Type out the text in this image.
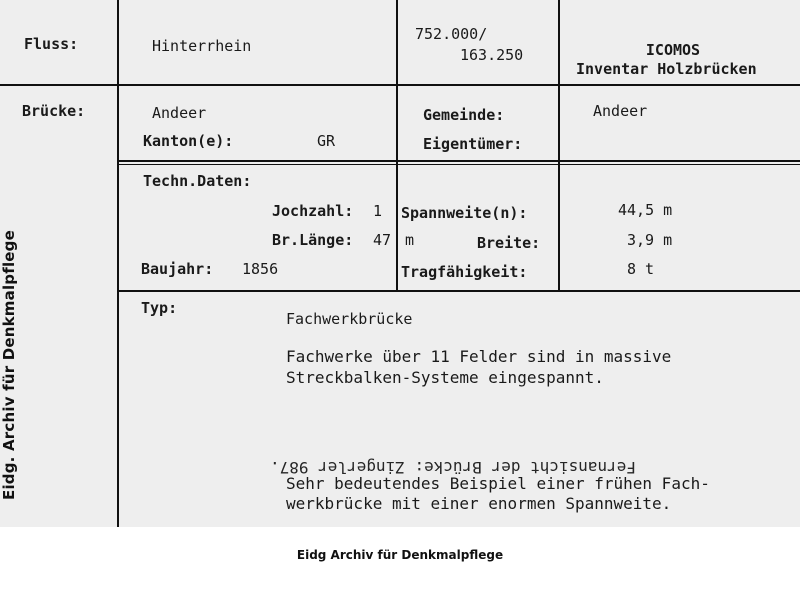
Fluss:	Hinterrhein
752.000/
163.250	ICOMOS
Inventar Holzbrücken
Brücke:	Andeer
Kanton(e):	GR
Gemeinde:	Andeer
Eigentümer:
Techn.Daten:
Jochzahl: 1
Br.Länge: 47 m
Baujahr: 1856
Spannweite(n):	44,5 m
Breite:	3,9 m
Tragfähigkeit:	8 t
Typ:
Fachwerkbrücke
Fachwerke über 11 Felder sind in massive
Streckbalken-Systeme eingespannt.
Fernansicht der Brücke: Zingerler 987.
Sehr bedeutendes Beispiel einer frühen Fach-
werkbrücke mit einer enormen Spannweite.
Eidg. Archiv für Denkmalpflege
Eidg Archiv für Denkmalpflege
